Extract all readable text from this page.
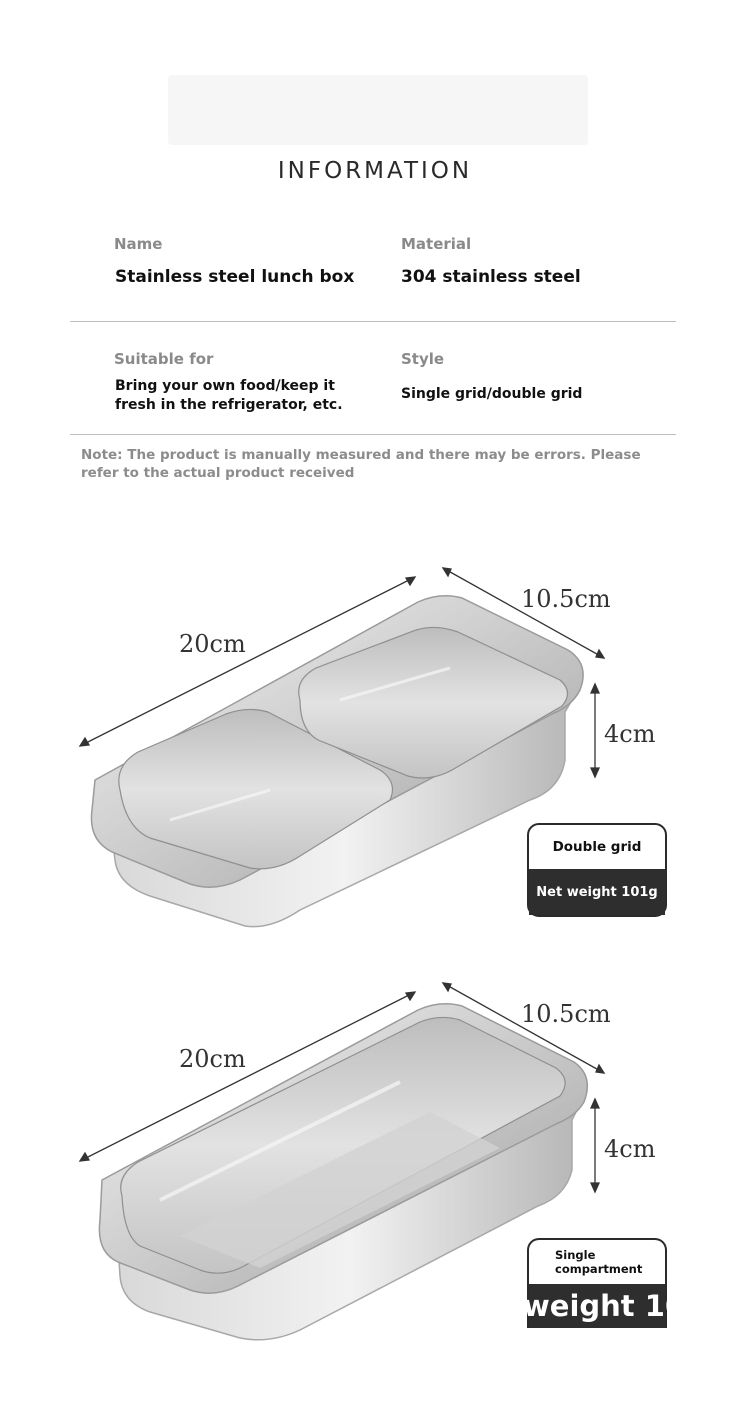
INFORMATION
Name
Stainless steel lunch box
Material
304 stainless steel
Suitable for
Bring your own food/keep it
fresh in the refrigerator, etc.
Style
Single grid/double grid
Note: The product is manually measured and there may be errors. Please refer to the actual product received
20cm
10.5cm
4cm
Double grid
Net weight 101g
20cm
10.5cm
4cm
Single
compartment
weight 101
